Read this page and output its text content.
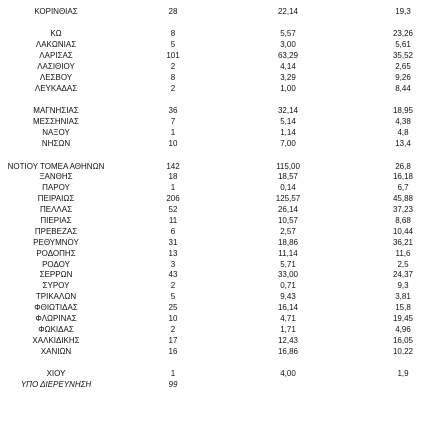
ΚΟΡΙΝΘΙΑΣ	28	22,14	19,3
ΚΩ	8	5,57	23,26
ΛΑΚΩΝΙΑΣ	5	3,00	5,61
ΛΑΡΙΣΑΣ	101	63,29	35,52
ΛΑΣΙΘΙΟΥ	2	4,14	2,65
ΛΕΣΒΟΥ	8	3,29	9,26
ΛΕΥΚΑΔΑΣ	2	1,00	8,44
ΜΑΓΝΗΣΙΑΣ	36	32,14	18,95
ΜΕΣΣΗΝΙΑΣ	7	5,14	4,38
ΝΑΞΟΥ	1	1,14	4,8
ΝΗΣΩΝ	10	7,00	13,4
ΝΟΤΙΟΥ ΤΟΜΕΑ ΑΘΗΝΩΝ	142	115,00	26,8
ΞΑΝΘΗΣ	18	18,57	16,18
ΠΑΡΟΥ	1	0,14	6,7
ΠΕΙΡΑΙΩΣ	206	125,57	45,88
ΠΕΛΛΑΣ	52	26,14	37,23
ΠΙΕΡΙΑΣ	11	10,57	8,68
ΠΡΕΒΕΖΑΣ	6	2,57	10,44
ΡΕΘΥΜΝΟΥ	31	18,86	36,21
ΡΟΔΟΠΗΣ	13	11,14	11,6
ΡΟΔΟΥ	3	5,71	2,5
ΣΕΡΡΩΝ	43	33,00	24,37
ΣΥΡΟΥ	2	0,71	9,3
ΤΡΙΚΑΛΩΝ	5	9,43	3,81
ΦΘΙΩΤΙΔΑΣ	25	16,14	15,8
ΦΛΩΡΙΝΑΣ	10	4,71	19,45
ΦΩΚΙΔΑΣ	2	1,71	4,96
ΧΑΛΚΙΔΙΚΗΣ	17	12,43	16,05
ΧΑΝΙΩΝ	16	16,86	10,22
ΧΙΟΥ	1	4,00	1,9
ΥΠΟ ΔΙΕΡΕΥΝΗΣΗ	99
